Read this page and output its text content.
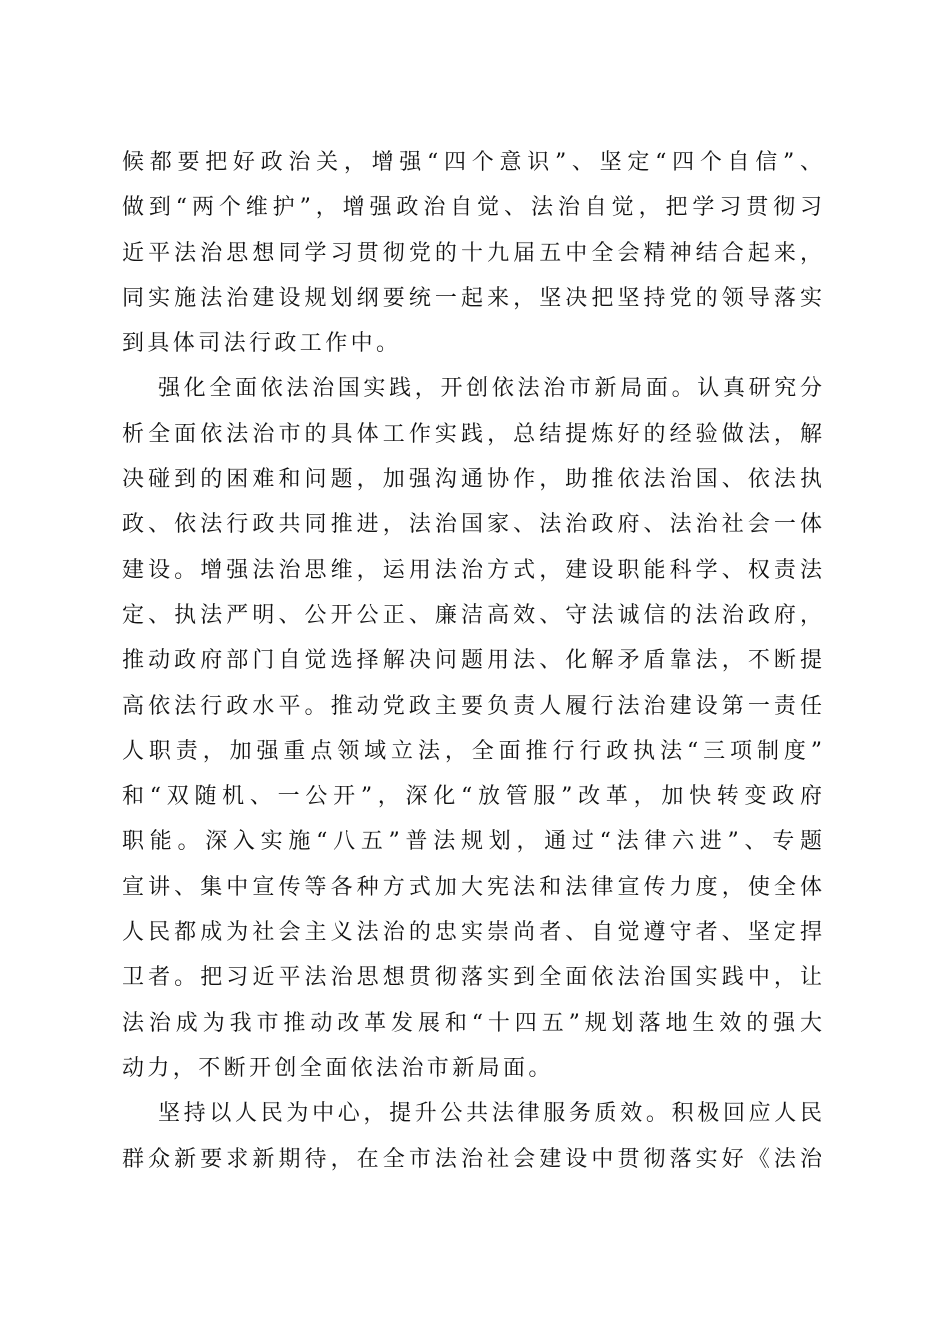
候都要把好政治关，增强“四个意识”、坚定“四个自信”、
做到“两个维护”，增强政治自觉、法治自觉，把学习贯彻习
近平法治思想同学习贯彻党的十九届五中全会精神结合起来，
同实施法治建设规划纲要统一起来，坚决把坚持党的领导落实
到具体司法行政工作中。
强化全面依法治国实践，开创依法治市新局面。认真研究分
析全面依法治市的具体工作实践，总结提炼好的经验做法，解
决碰到的困难和问题，加强沟通协作，助推依法治国、依法执
政、依法行政共同推进，法治国家、法治政府、法治社会一体
建设。增强法治思维，运用法治方式，建设职能科学、权责法
定、执法严明、公开公正、廉洁高效、守法诚信的法治政府，
推动政府部门自觉选择解决问题用法、化解矛盾靠法，不断提
高依法行政水平。推动党政主要负责人履行法治建设第一责任
人职责，加强重点领域立法，全面推行行政执法“三项制度”
和“双随机、一公开”，深化“放管服”改革，加快转变政府
职能。深入实施“八五”普法规划，通过“法律六进”、专题
宣讲、集中宣传等各种方式加大宪法和法律宣传力度，使全体
人民都成为社会主义法治的忠实崇尚者、自觉遵守者、坚定捍
卫者。把习近平法治思想贯彻落实到全面依法治国实践中，让
法治成为我市推动改革发展和“十四五”规划落地生效的强大
动力，不断开创全面依法治市新局面。
坚持以人民为中心，提升公共法律服务质效。积极回应人民
群众新要求新期待，在全市法治社会建设中贯彻落实好《法治
